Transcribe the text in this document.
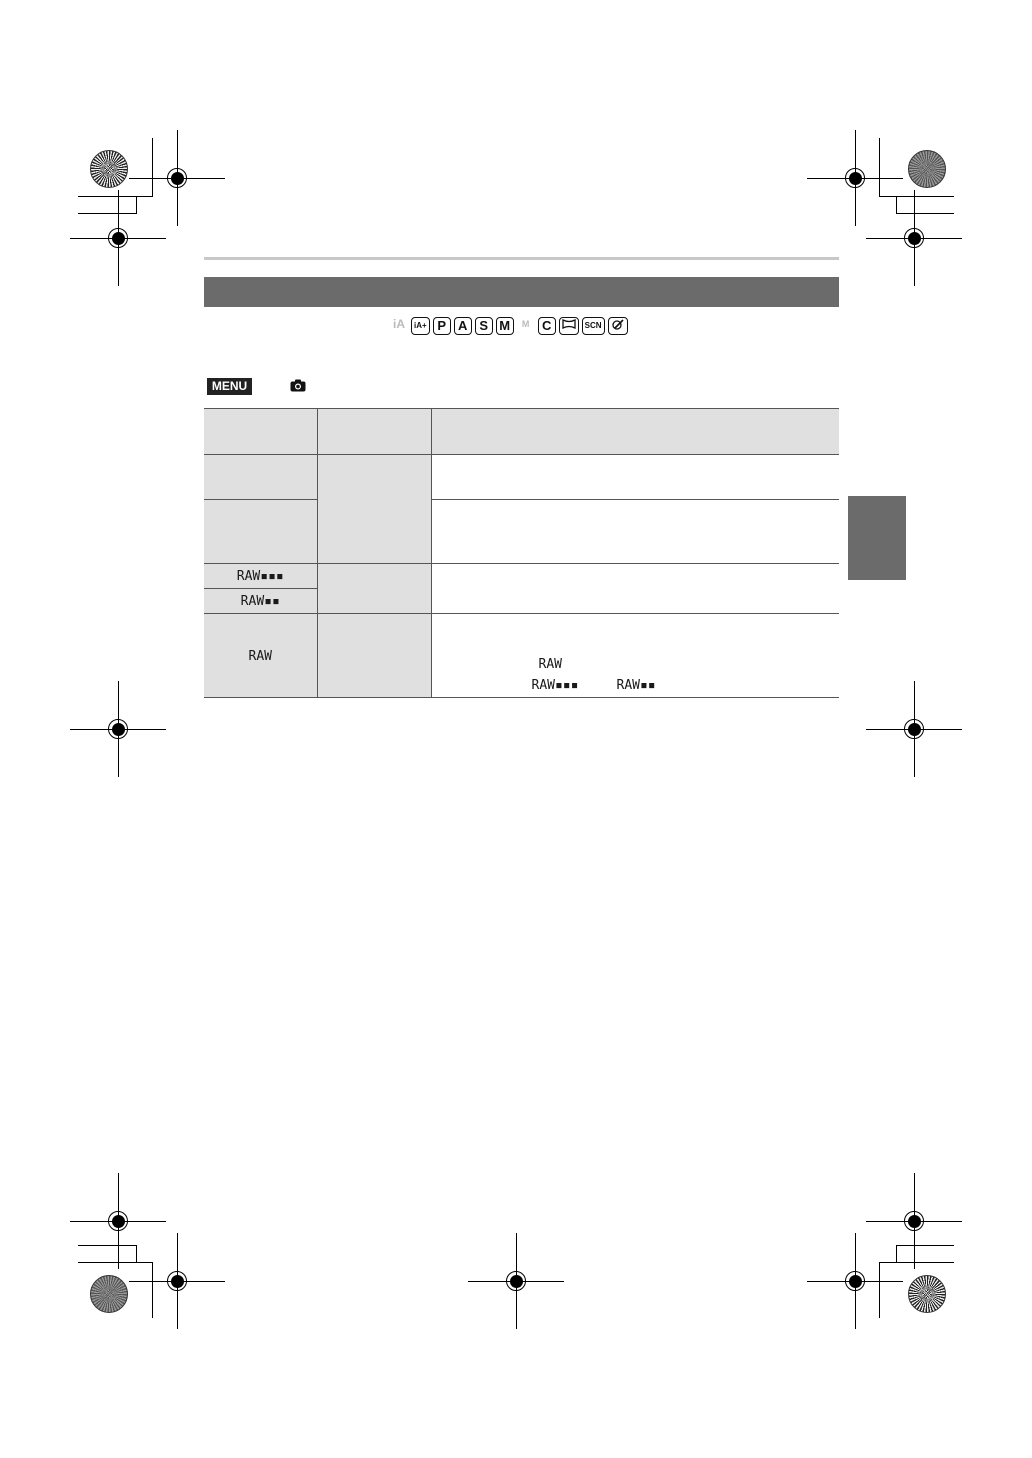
iA	iA+ P A S M	M C	SCN
MENU

RAW▪▪▪		
RAW▪▪		
RAW		RAW
RAW▪▪▪ RAW▪▪
